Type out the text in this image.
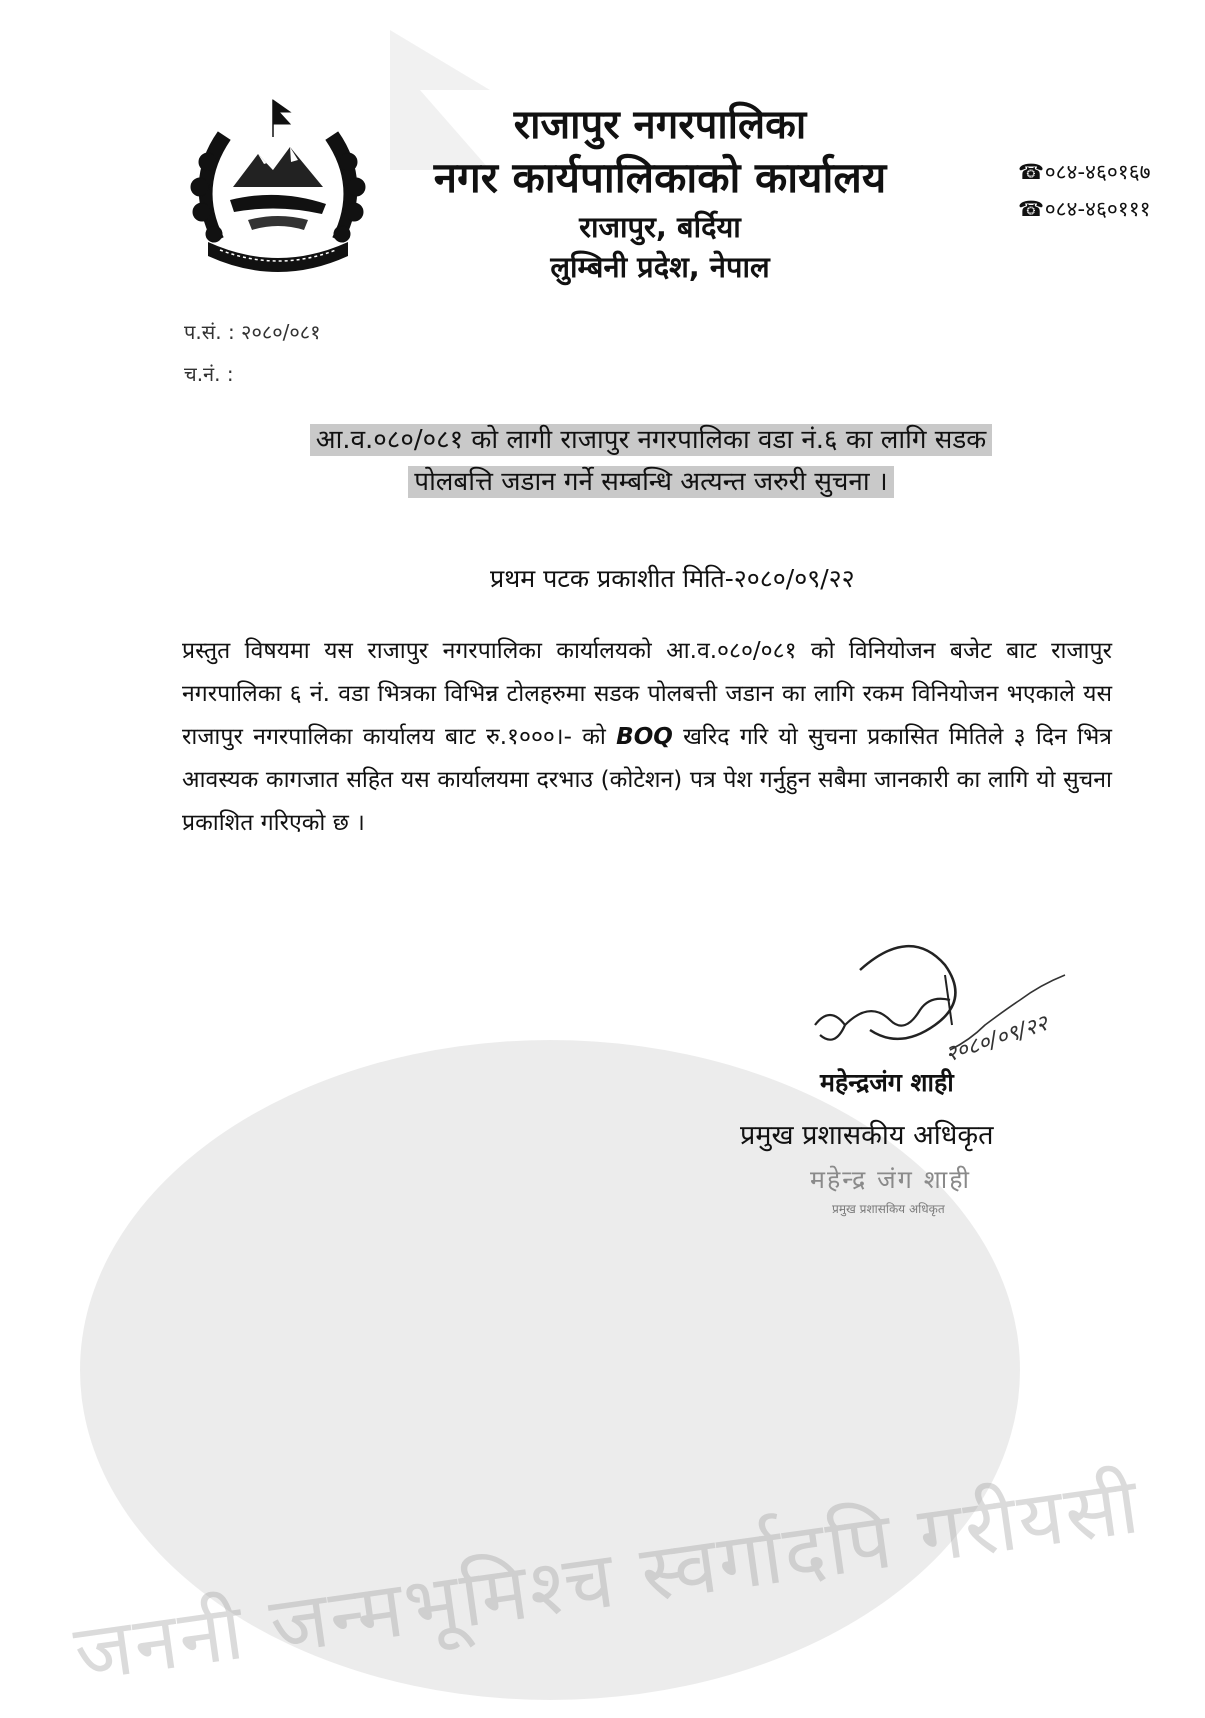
जननी जन्मभूमिश्च स्वर्गादपि गरीयसी
राजापुर नगरपालिका
नगर कार्यपालिकाको कार्यालय
राजापुर, बर्दिया
लुम्बिनी प्रदेश, नेपाल
☎ ०८४-४६०१६७
☎ ०८४-४६०१११
प.सं. : २०८०/०८१
च.नं. :
आ.व.०८०/०८१ को लागी राजापुर नगरपालिका वडा नं.६ का लागि सडक
पोलबत्ति जडान गर्ने सम्बन्धि अत्यन्त जरुरी सुचना ।
प्रथम पटक प्रकाशीत मिति-२०८०/०९/२२
प्रस्तुत विषयमा यस राजापुर नगरपालिका कार्यालयको आ.व.०८०/०८१ को विनियोजन बजेट बाट राजापुर नगरपालिका ६ नं. वडा भित्रका विभिन्न टोलहरुमा सडक पोलबत्ती जडान का लागि रकम विनियोजन भएकाले यस राजापुर नगरपालिका कार्यालय बाट रु.१०००।- को BOQ खरिद गरि यो सुचना प्रकासित मितिले ३ दिन भित्र आवस्यक कागजात सहित यस कार्यालयमा दरभाउ (कोटेशन) पत्र पेश गर्नुहुन सबैमा जानकारी का लागि यो सुचना प्रकाशित गरिएको छ ।
२०८०/०९/२२
महेन्द्रजंग शाही
प्रमुख प्रशासकीय अधिकृत
महेन्द्र जंग शाही
प्रमुख प्रशासकिय अधिकृत
